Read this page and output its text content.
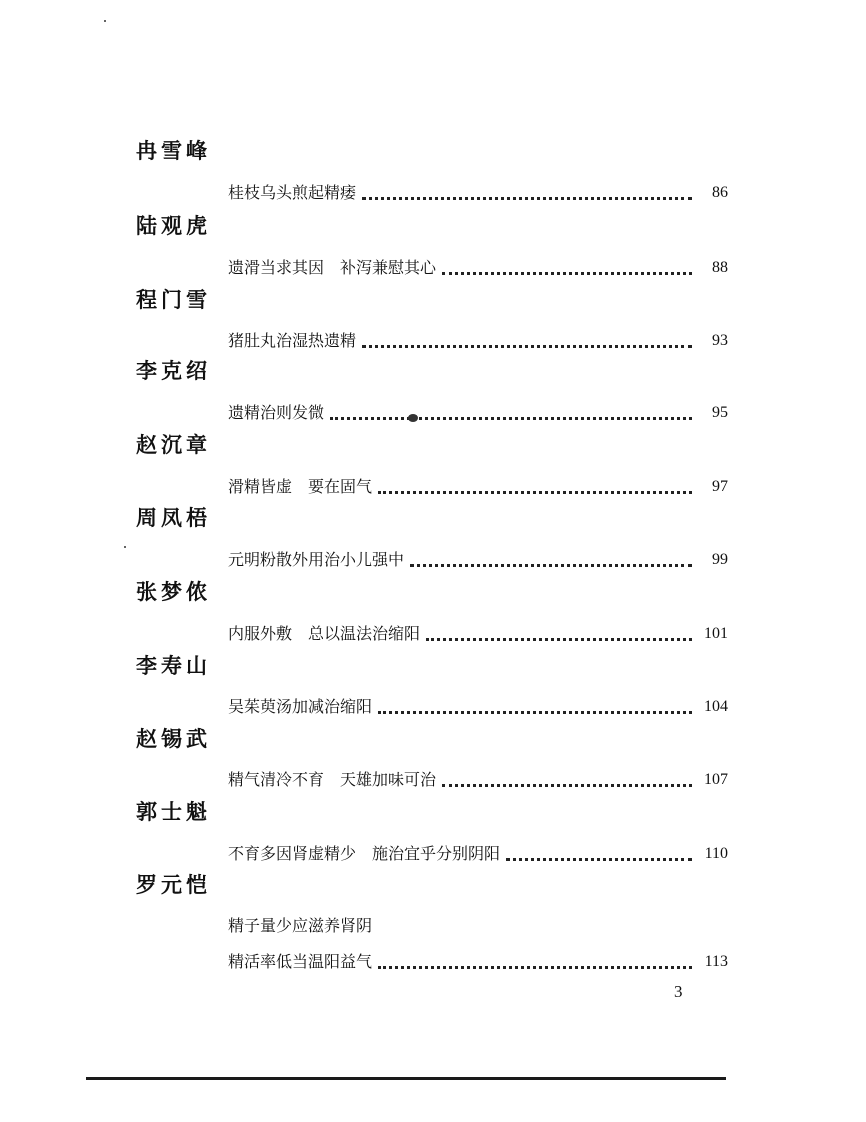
冉雪峰
桂枝乌头煎起精痿	86
陆观虎
遗滑当求其因　补泻兼慰其心	88
程门雪
猪肚丸治湿热遗精	93
李克绍
遗精治则发微	95
赵沉章
滑精皆虚　要在固气	97
周凤梧
元明粉散外用治小儿强中	99
张梦侬
内服外敷　总以温法治缩阳	101
李寿山
吴茱萸汤加减治缩阳	104
赵锡武
精气清冷不育　天雄加味可治	107
郭士魁
不育多因肾虚精少　施治宜乎分别阴阳	110
罗元恺
精子量少应滋养肾阴
精活率低当温阳益气	113
3
